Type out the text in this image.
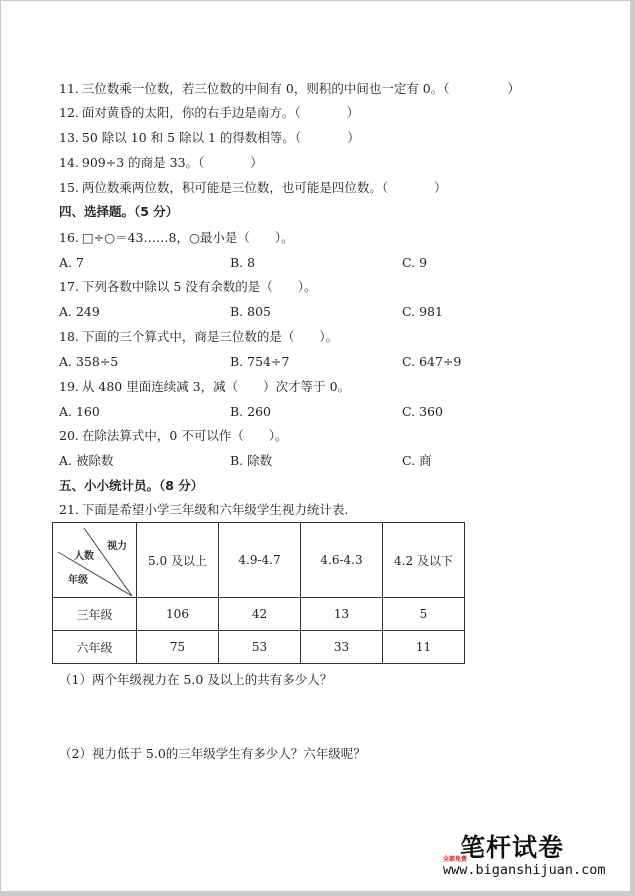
11. 三位数乘一位数，若三位数的中间有 0，则积的中间也一定有 0。（	）
12. 面对黄昏的太阳，你的右手边是南方。（	）
13. 50 除以 10 和 5 除以 1 的得数相等。（	）
14. 909÷3 的商是 33。（	）
15. 两位数乘两位数，积可能是三位数，也可能是四位数。（	）
四、选择题。（5 分）
16. □÷○＝43……8，○最小是（　　）。
A. 7	B. 8	C. 9
17. 下列各数中除以 5 没有余数的是（　　）。
A. 249	B. 805	C. 981
18. 下面的三个算式中，商是三位数的是（　　）。
A. 358÷5	B. 754÷7	C. 647÷9
19. 从 480 里面连续减 3，减（　　）次才等于 0。
A. 160	B. 260	C. 360
20. 在除法算式中，0 不可以作（　　）。
A. 被除数	B. 除数	C. 商
五、小小统计员。（8 分）
21. 下面是希望小学三年级和六年级学生视力统计表.
视力
人数
年级	5.0 及以上	4.9-4.7	4.6-4.3	4.2 及以下
三年级	106	42	13	5
六年级	75	53	33	11
（1）两个年级视力在 5.0 及以上的共有多少人？
（2）视力低于 5.0的三年级学生有多少人？六年级呢？
笔杆试卷
全部免费
www.biganshijuan.com
